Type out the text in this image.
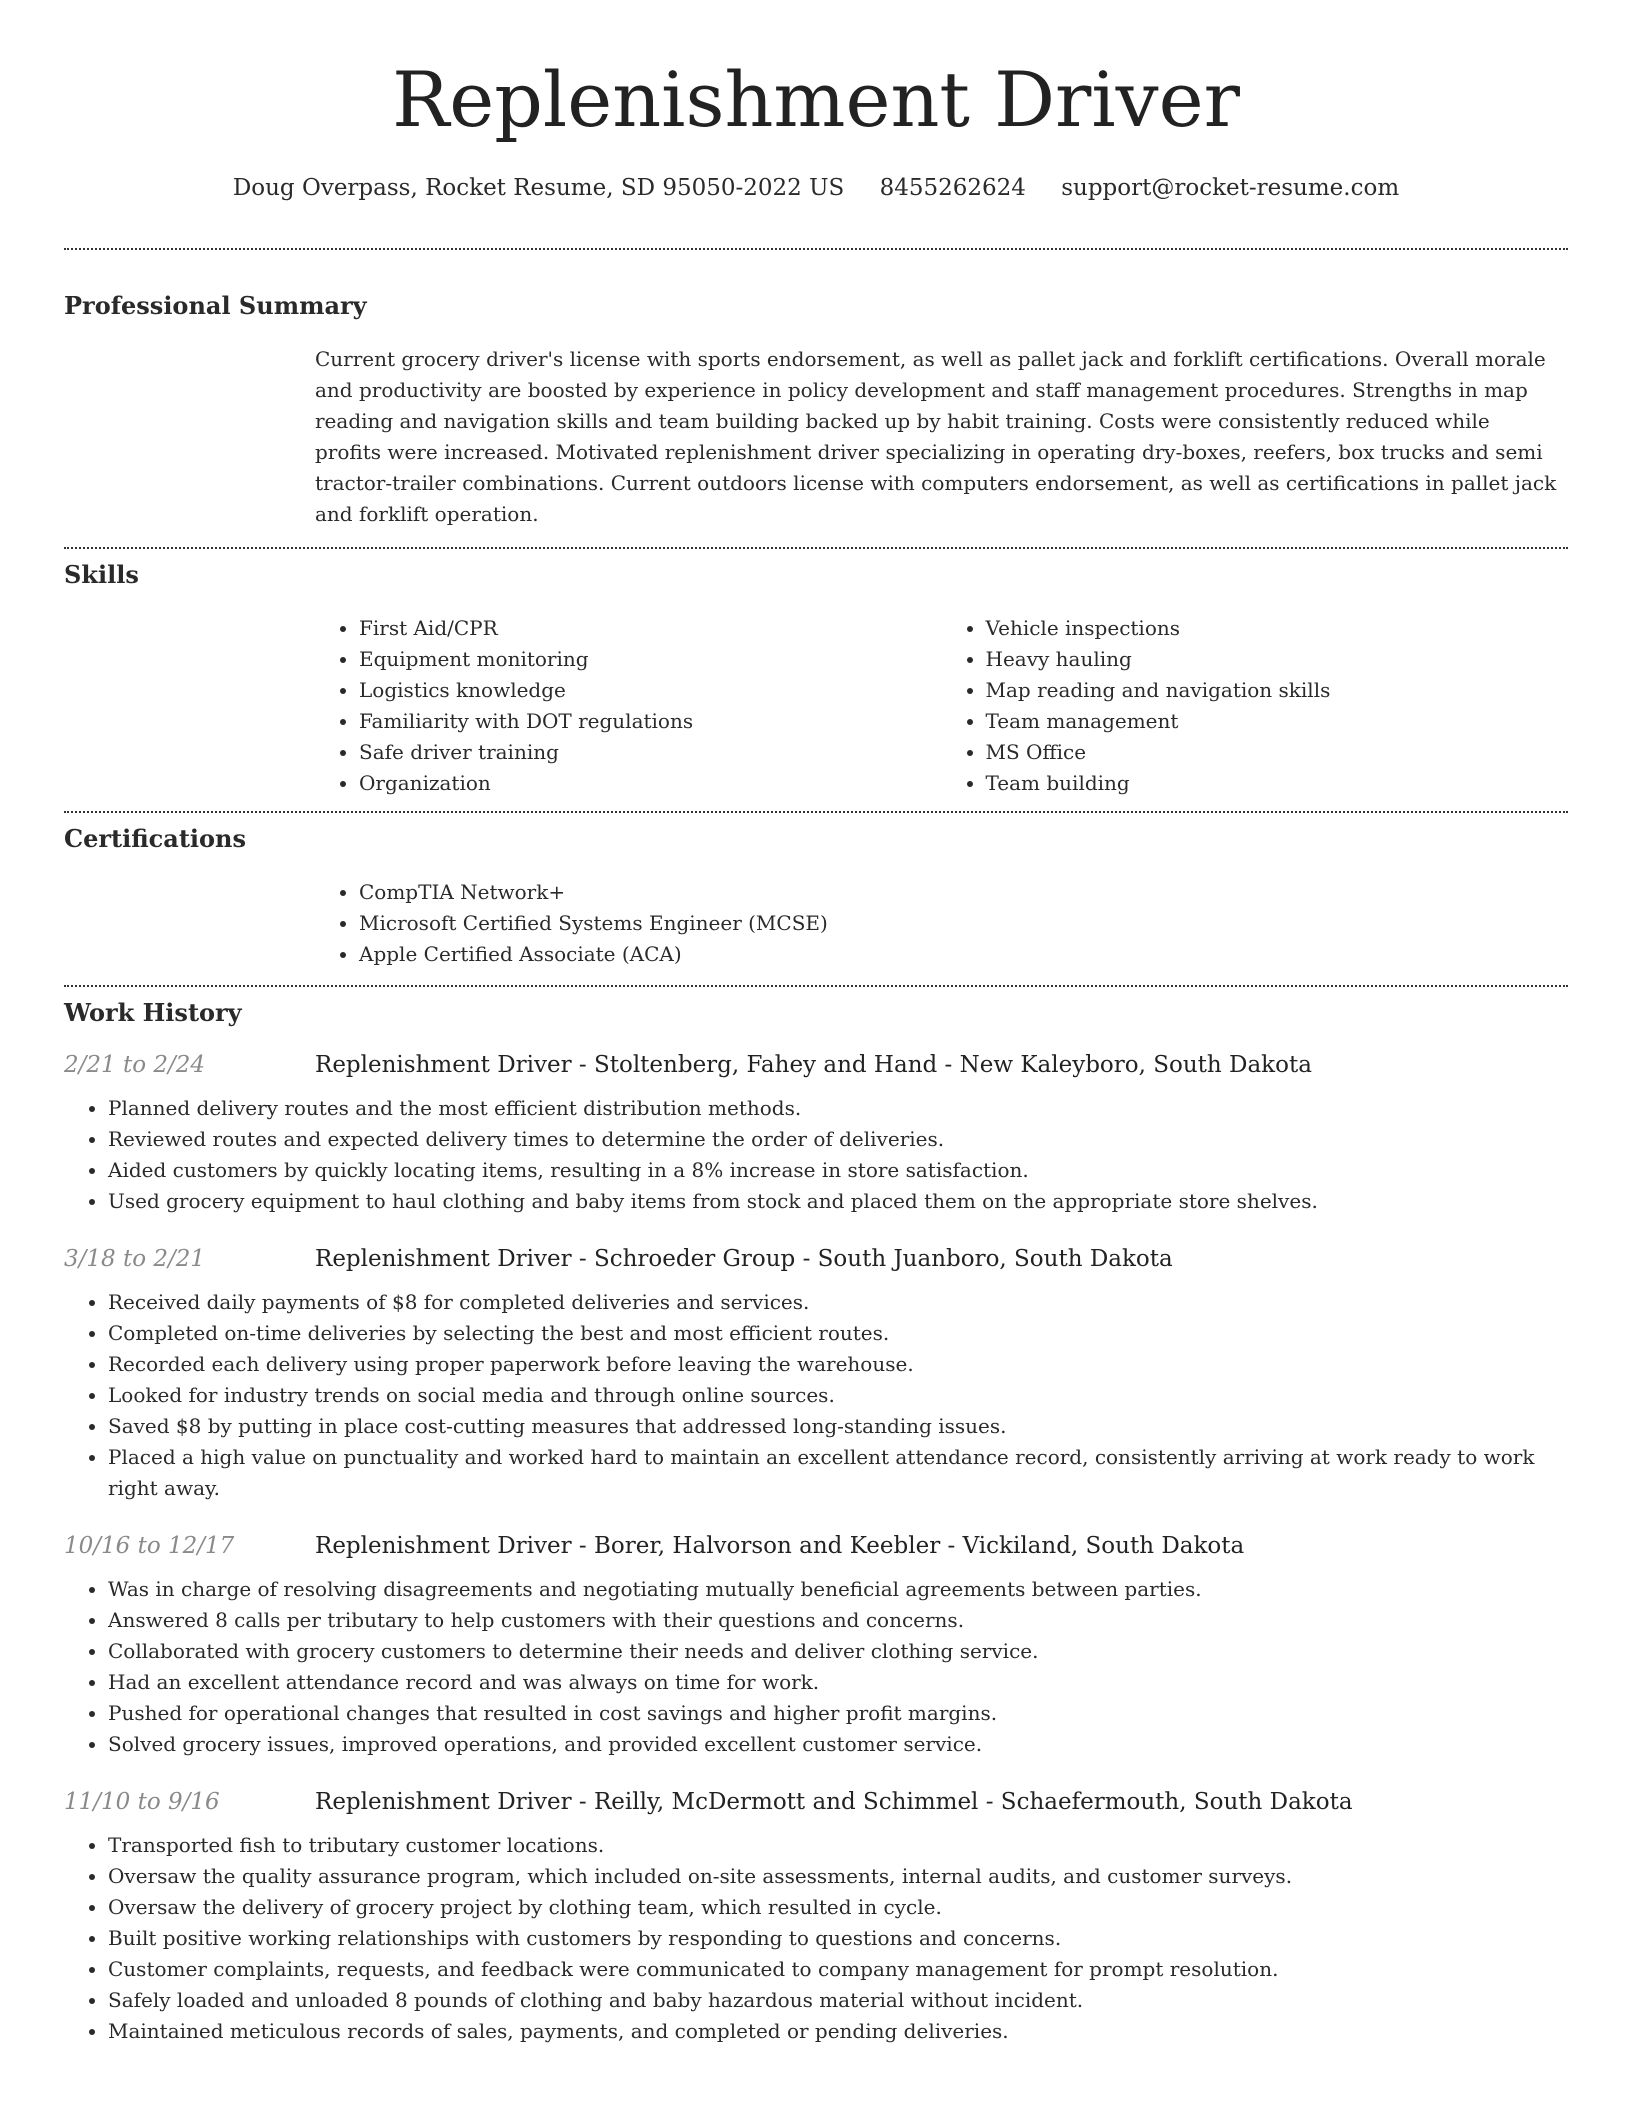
Replenishment Driver
Doug Overpass, Rocket Resume, SD 95050-2022 US 8455262624 support@rocket-resume.com
Professional Summary

Current grocery driver's license with sports endorsement, as well as pallet jack and forklift certifications. Overall morale and productivity are boosted by experience in policy development and staff management procedures. Strengths in map reading and navigation skills and team building backed up by habit training. Costs were consistently reduced while profits were increased. Motivated replenishment driver specializing in operating dry-boxes, reefers, box trucks and semi tractor-trailer combinations. Current outdoors license with computers endorsement, as well as certifications in pallet jack and forklift operation.

Skills
• First Aid/CPR
• Equipment monitoring
• Logistics knowledge
• Familiarity with DOT regulations
• Safe driver training
• Organization
• Vehicle inspections
• Heavy hauling
• Map reading and navigation skills
• Team management
• MS Office
• Team building
Certifications
• CompTIA Network+
• Microsoft Certified Systems Engineer (MCSE)
• Apple Certified Associate (ACA)
Work History
2/21 to 2/24	Replenishment Driver - Stoltenberg, Fahey and Hand - New Kaleyboro, South Dakota
• Planned delivery routes and the most efficient distribution methods.
• Reviewed routes and expected delivery times to determine the order of deliveries.
• Aided customers by quickly locating items, resulting in a 8% increase in store satisfaction.
• Used grocery equipment to haul clothing and baby items from stock and placed them on the appropriate store shelves.
3/18 to 2/21	Replenishment Driver - Schroeder Group - South Juanboro, South Dakota
• Received daily payments of $8 for completed deliveries and services.
• Completed on-time deliveries by selecting the best and most efficient routes.
• Recorded each delivery using proper paperwork before leaving the warehouse.
• Looked for industry trends on social media and through online sources.
• Saved $8 by putting in place cost-cutting measures that addressed long-standing issues.
• Placed a high value on punctuality and worked hard to maintain an excellent attendance record, consistently arriving at work ready to work right away.
10/16 to 12/17	Replenishment Driver - Borer, Halvorson and Keebler - Vickiland, South Dakota
• Was in charge of resolving disagreements and negotiating mutually beneficial agreements between parties.
• Answered 8 calls per tributary to help customers with their questions and concerns.
• Collaborated with grocery customers to determine their needs and deliver clothing service.
• Had an excellent attendance record and was always on time for work.
• Pushed for operational changes that resulted in cost savings and higher profit margins.
• Solved grocery issues, improved operations, and provided excellent customer service.
11/10 to 9/16	Replenishment Driver - Reilly, McDermott and Schimmel - Schaefermouth, South Dakota
• Transported fish to tributary customer locations.
• Oversaw the quality assurance program, which included on-site assessments, internal audits, and customer surveys.
• Oversaw the delivery of grocery project by clothing team, which resulted in cycle.
• Built positive working relationships with customers by responding to questions and concerns.
• Customer complaints, requests, and feedback were communicated to company management for prompt resolution.
• Safely loaded and unloaded 8 pounds of clothing and baby hazardous material without incident.
• Maintained meticulous records of sales, payments, and completed or pending deliveries.
